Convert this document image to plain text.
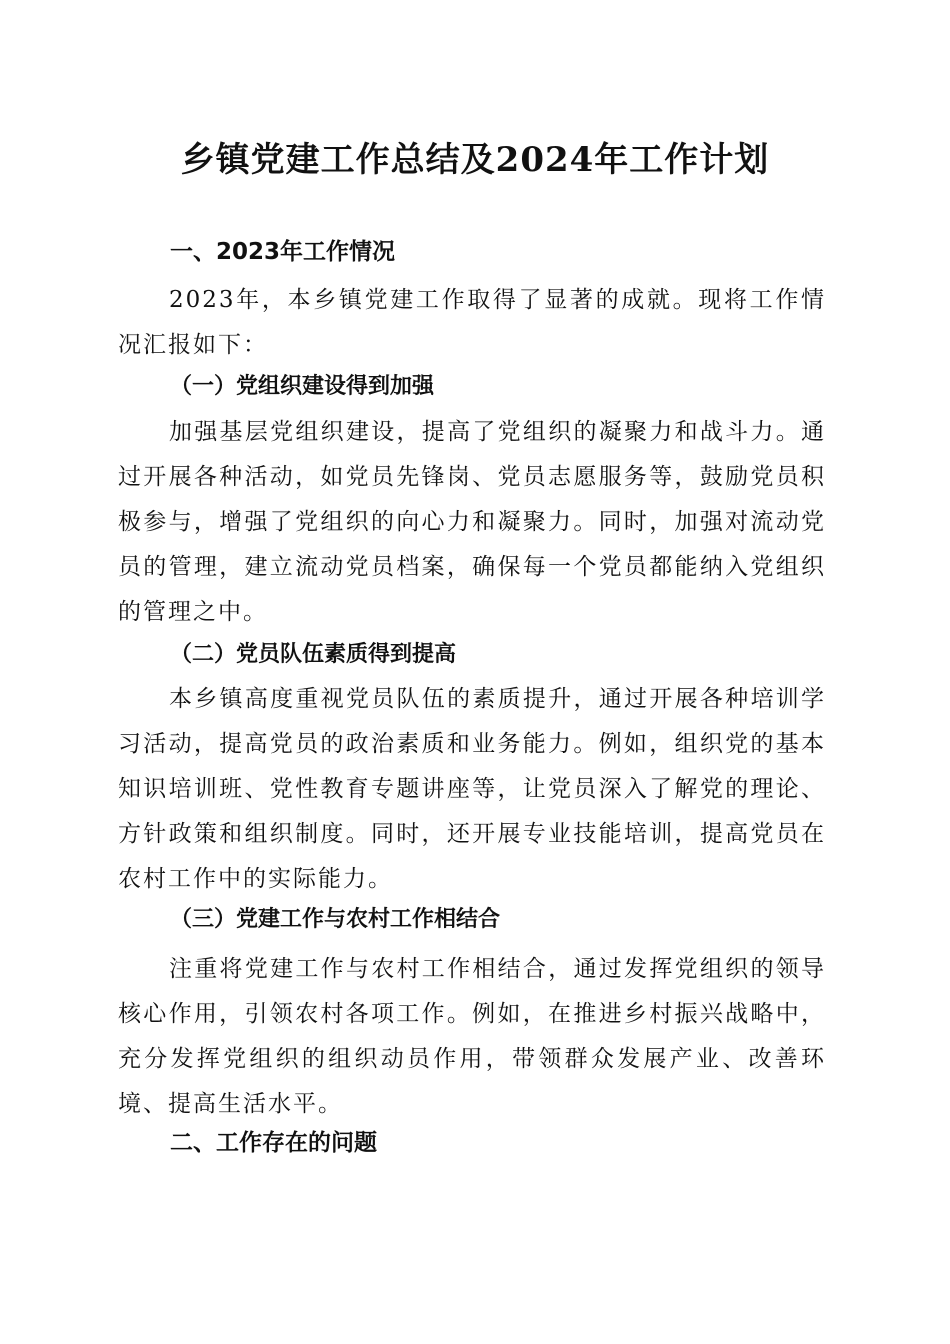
乡镇党建工作总结及2024年工作计划
一、2023年工作情况

2023年，本乡镇党建工作取得了显著的成就。现将工作情况汇报如下：

（一）党组织建设得到加强

加强基层党组织建设，提高了党组织的凝聚力和战斗力。通过开展各种活动，如党员先锋岗、党员志愿服务等，鼓励党员积极参与，增强了党组织的向心力和凝聚力。同时，加强对流动党员的管理，建立流动党员档案，确保每一个党员都能纳入党组织的管理之中。

（二）党员队伍素质得到提高

本乡镇高度重视党员队伍的素质提升，通过开展各种培训学习活动，提高党员的政治素质和业务能力。例如，组织党的基本知识培训班、党性教育专题讲座等，让党员深入了解党的理论、方针政策和组织制度。同时，还开展专业技能培训，提高党员在农村工作中的实际能力。

（三）党建工作与农村工作相结合

注重将党建工作与农村工作相结合，通过发挥党组织的领导核心作用，引领农村各项工作。例如，在推进乡村振兴战略中，充分发挥党组织的组织动员作用，带领群众发展产业、改善环境、提高生活水平。

二、工作存在的问题
